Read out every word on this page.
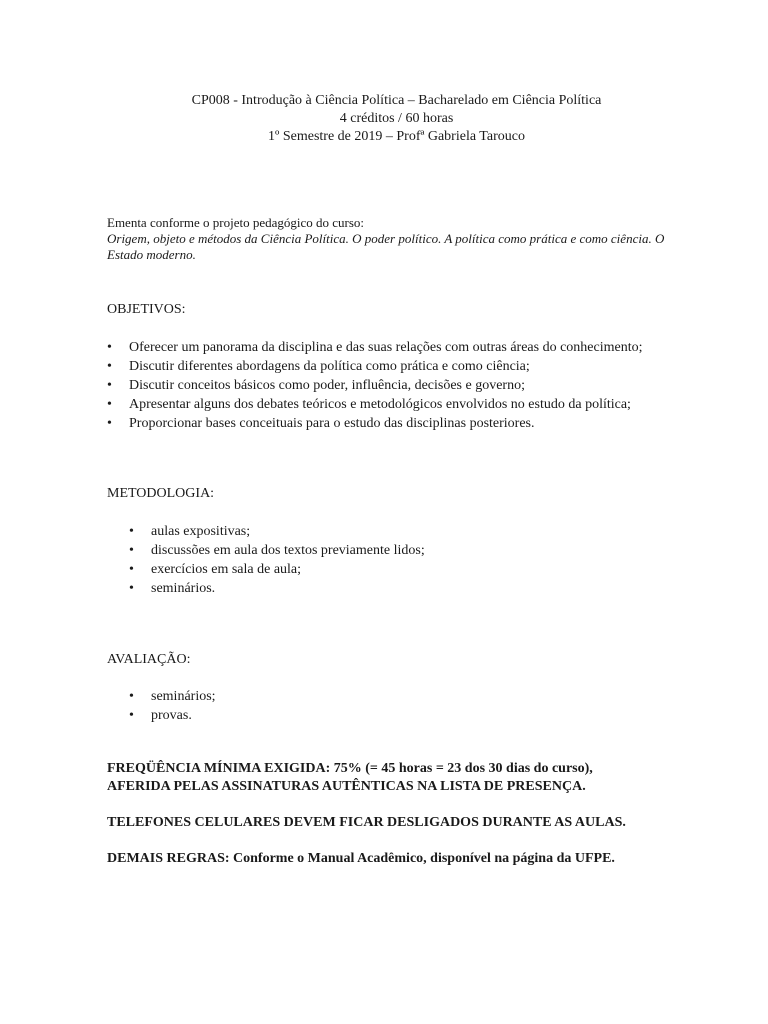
CP008 - Introdução à Ciência Política – Bacharelado em Ciência Política
4 créditos / 60 horas
1º Semestre de 2019 – Profª Gabriela Tarouco
Ementa conforme o projeto pedagógico do curso:
Origem, objeto e métodos da Ciência Política. O poder político. A política como prática e como ciência. O Estado moderno.
OBJETIVOS:
• Oferecer um panorama da disciplina e das suas relações com outras áreas do conhecimento;
• Discutir diferentes abordagens da política como prática e como ciência;
• Discutir conceitos básicos como poder, influência, decisões e governo;
• Apresentar alguns dos debates teóricos e metodológicos envolvidos no estudo da política;
• Proporcionar bases conceituais para o estudo das disciplinas posteriores.
METODOLOGIA:
• aulas expositivas;
• discussões em aula dos textos previamente lidos;
• exercícios em sala de aula;
• seminários.
AVALIAÇÃO:
• seminários;
• provas.
FREQÜÊNCIA MÍNIMA EXIGIDA: 75% (= 45 horas = 23 dos 30 dias do curso),
AFERIDA PELAS ASSINATURAS AUTÊNTICAS NA LISTA DE PRESENÇA.
TELEFONES CELULARES DEVEM FICAR DESLIGADOS DURANTE AS AULAS.
DEMAIS REGRAS: Conforme o Manual Acadêmico, disponível na página da UFPE.
